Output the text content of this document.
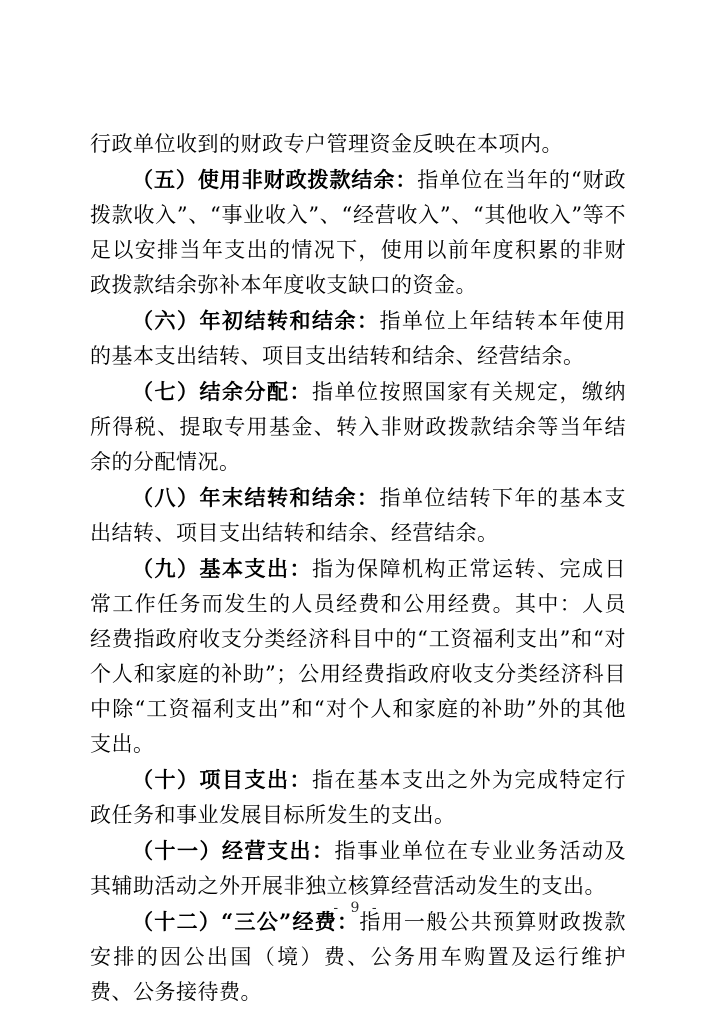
行政单位收到的财政专户管理资金反映在本项内。

（五）使用非财政拨款结余：指单位在当年的“财政拨款收入”、“事业收入”、“经营收入”、“其他收入”等不足以安排当年支出的情况下，使用以前年度积累的非财政拨款结余弥补本年度收支缺口的资金。

（六）年初结转和结余：指单位上年结转本年使用的基本支出结转、项目支出结转和结余、经营结余。

（七）结余分配：指单位按照国家有关规定，缴纳所得税、提取专用基金、转入非财政拨款结余等当年结余的分配情况。

（八）年末结转和结余：指单位结转下年的基本支出结转、项目支出结转和结余、经营结余。

（九）基本支出：指为保障机构正常运转、完成日常工作任务而发生的人员经费和公用经费。其中：人员经费指政府收支分类经济科目中的“工资福利支出”和“对个人和家庭的补助”；公用经费指政府收支分类经济科目中除“工资福利支出”和“对个人和家庭的补助”外的其他支出。

（十）项目支出：指在基本支出之外为完成特定行政任务和事业发展目标所发生的支出。

（十一）经营支出：指事业单位在专业业务活动及其辅助活动之外开展非独立核算经营活动发生的支出。

（十二）“三公”经费：指用一般公共预算财政拨款安排的因公出国（境）费、公务用车购置及运行维护费、公务接待费。

- 9 -
